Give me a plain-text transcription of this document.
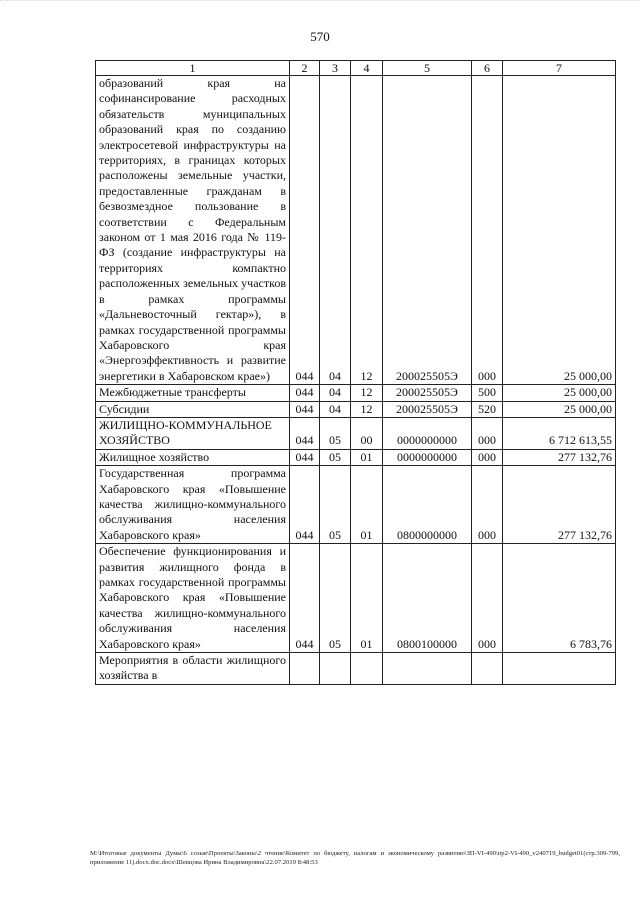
570
1	2	3	4	5	6	7
образований края на софинансирование расходных обязательств муниципальных образований края по созданию электросетевой инфраструктуры на территориях, в границах которых расположены земельные участки, предоставленные гражданам в безвозмездное пользование в соответствии с Федеральным законом от 1 мая 2016 года № 119-ФЗ (создание инфраструктуры на территориях компактно расположенных земельных участков в рамках программы «Дальневосточный гектар»), в рамках государственной программы Хабаровского края «Энергоэффективность и развитие энергетики в Хабаровском крае»)	044	04	12	200025505Э	000	25 000,00
Межбюджетные трансферты	044	04	12	200025505Э	500	25 000,00
Субсидии	044	04	12	200025505Э	520	25 000,00
ЖИЛИЩНО-КОММУНАЛЬНОЕ ХОЗЯЙСТВО	044	05	00	0000000000	000	6 712 613,55
Жилищное хозяйство	044	05	01	0000000000	000	277 132,76
Государственная программа Хабаровского края «Повышение качества жилищно-коммунального обслуживания населения Хабаровского края»	044	05	01	0800000000	000	277 132,76
Обеспечение функционирования и развития жилищного фонда в рамках государственной программы Хабаровского края «Повышение качества жилищно-коммунального обслуживания населения Хабаровского края»	044	05	01	0800100000	000	6 783,76
Мероприятия в области жилищного хозяйства в						
M:\Итоговые документы Думы\6 созыв\Проекты\Законы\2 чтение\Комитет по бюджету, налогам и экономическому развитию\ЗП-VI-490\пр2-VI-490_v240719_budget01(стр.309-799, приложение 11).docx.doc.docx\Шевцова Ирина Владимировна\22.07.2019 8:48:53
